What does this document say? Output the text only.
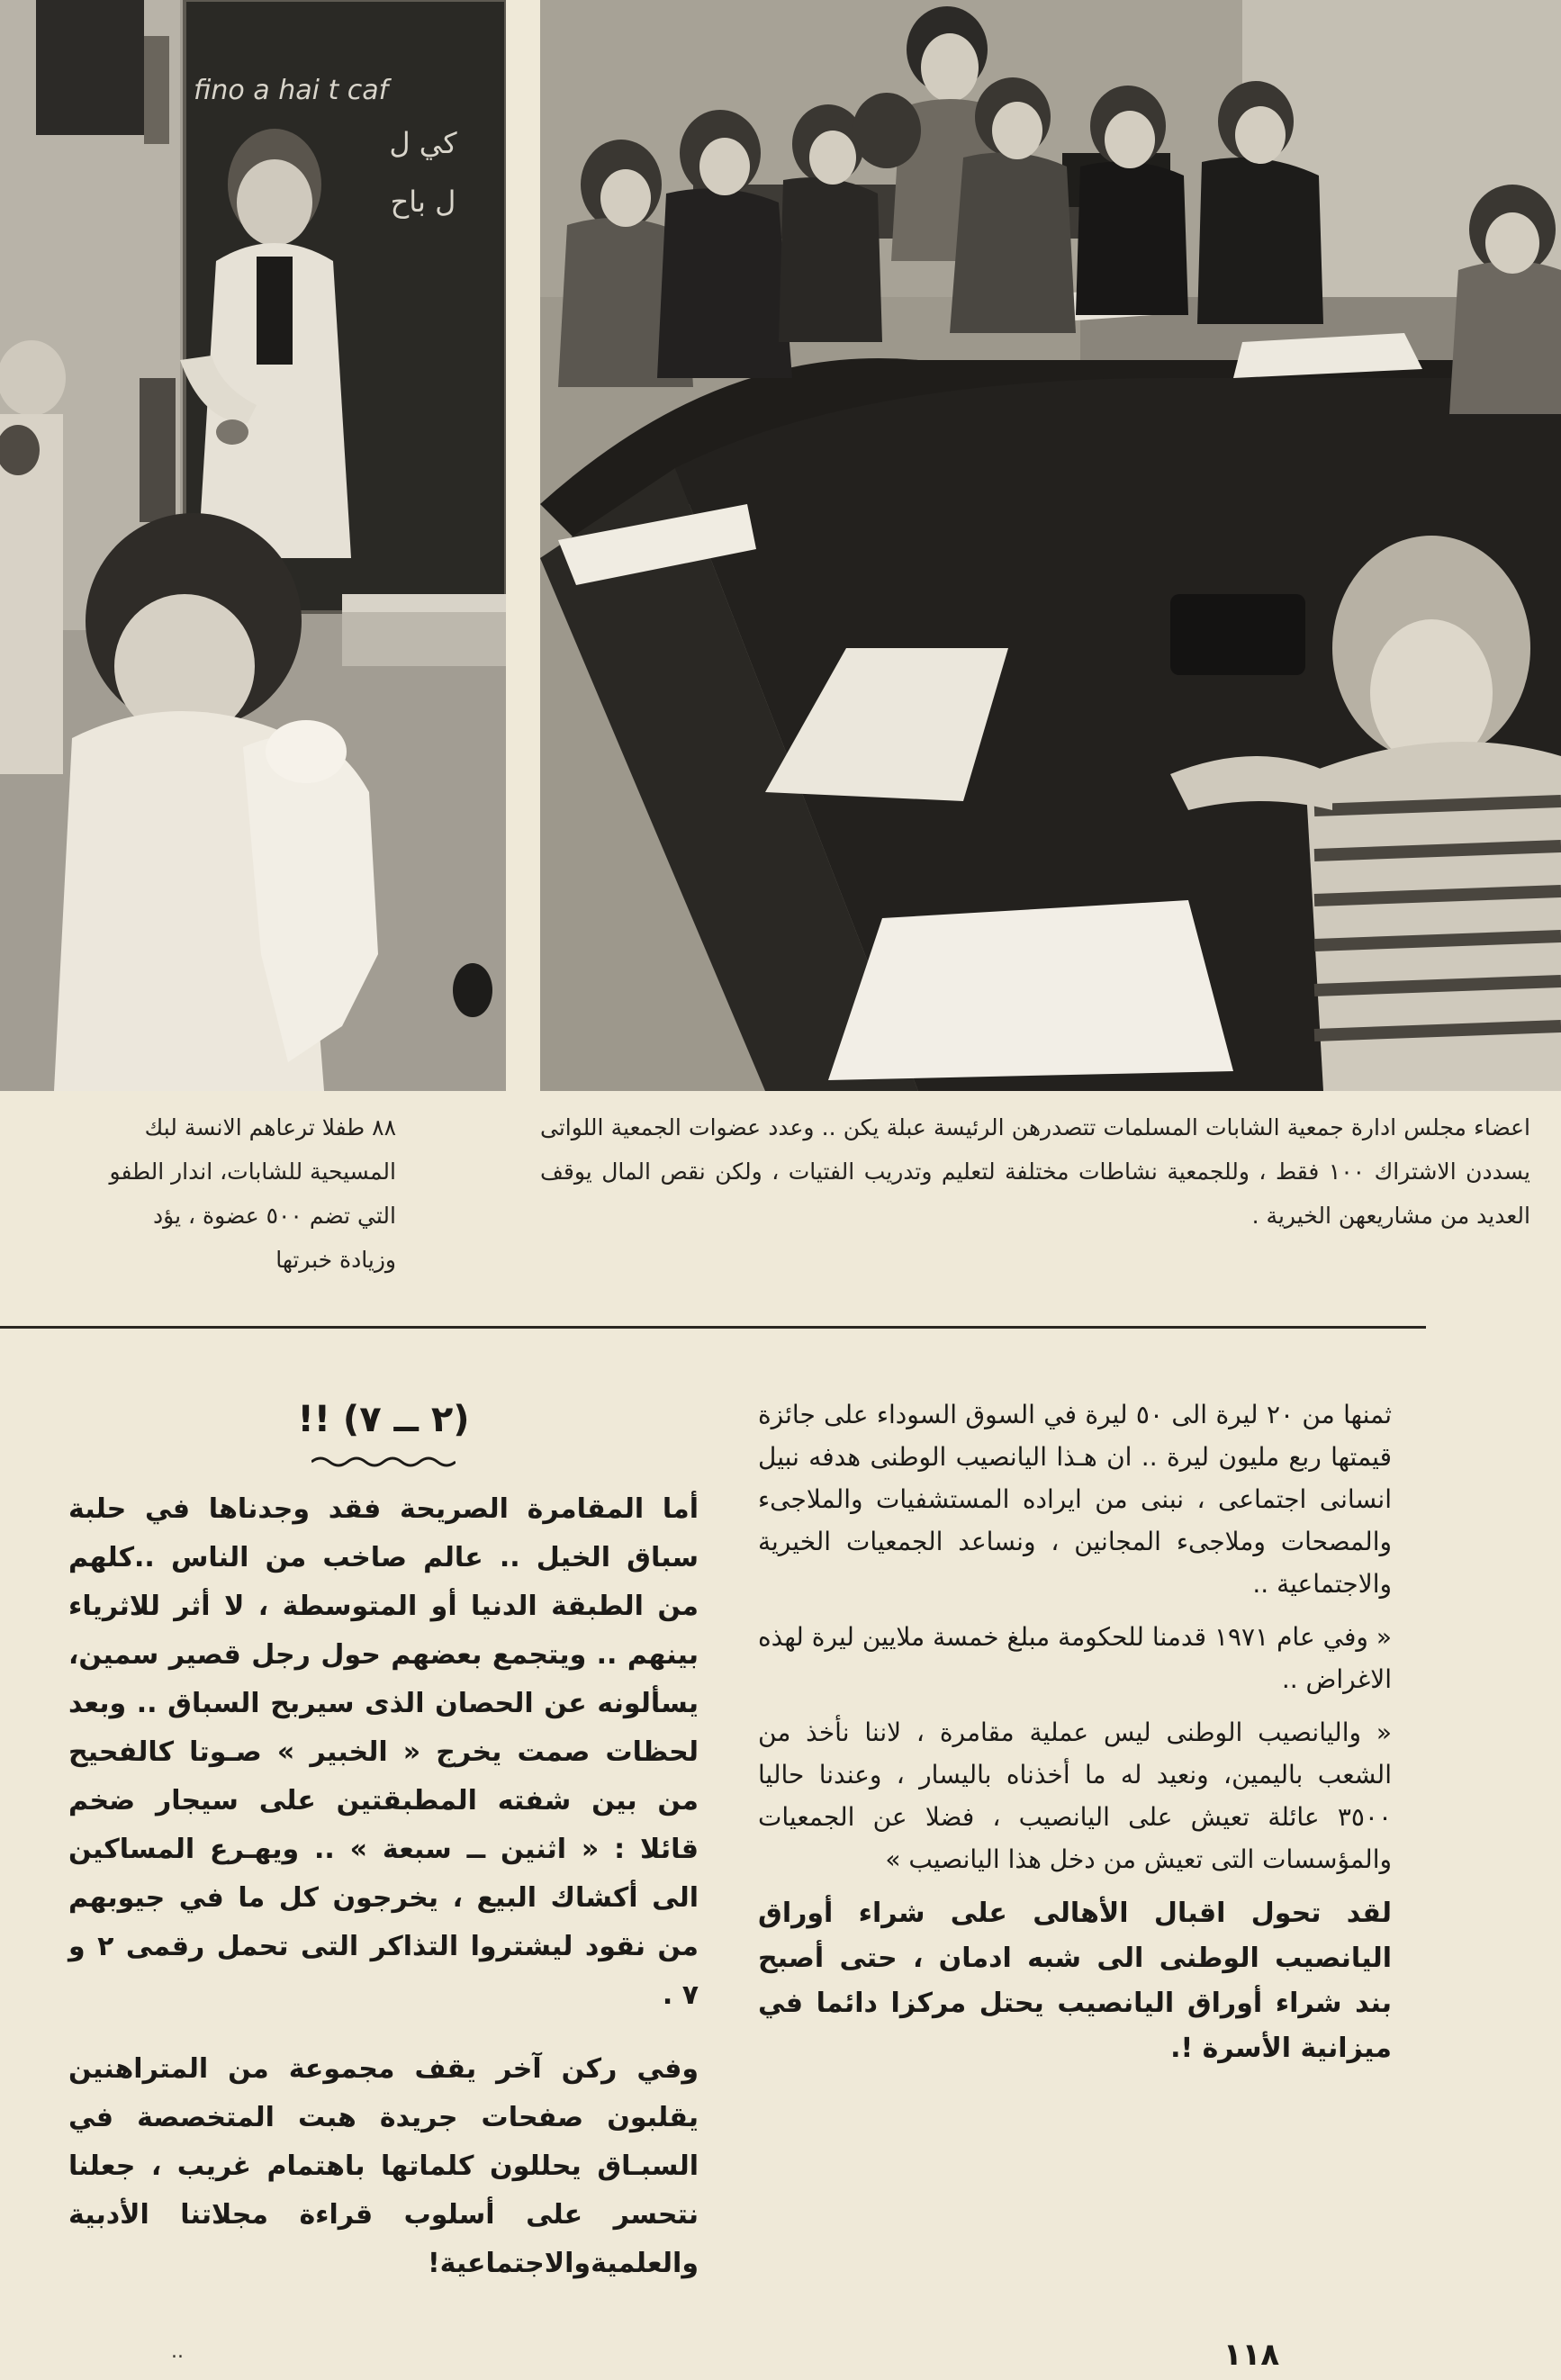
fino a hai t caf
كي ل
ل باح
اعضاء مجلس ادارة جمعية الشابات المسلمات تتصدرهن الرئيسة عبلة يكن .. وعدد عضوات الجمعية اللواتى يسددن الاشتراك ١٠٠ فقط ، وللجمعية نشاطات مختلفة لتعليم وتدريب الفتيات ، ولكن نقص المال يوقف العديد من مشاريعهن الخيرية .
٨٨ طفلا ترعاهم الانسة لبك
المسيحية للشابات، اندار الطفو
التي تضم ٥٠٠ عضوة ، يؤد
وزيادة خبرتها

ثمنها من ٢٠ ليرة الى ٥٠ ليرة في السوق السوداء على جائزة قيمتها ربع مليون ليرة .. ان هـذا اليانصيب الوطنى هدفه نبيل انسانى اجتماعى ، نبنى من ايراده المستشفيات والملاجىء والمصحات وملاجىء المجانين ، ونساعد الجمعيات الخيرية والاجتماعية ..

« وفي عام ١٩٧١ قدمنا للحكومة مبلغ خمسة ملايين ليرة لهذه الاغراض ..

« واليانصيب الوطنى ليس عملية مقامرة ، لاننا نأخذ من الشعب باليمين، ونعيد له ما أخذناه باليسار ، وعندنا حاليا ٣٥٠٠ عائلة تعيش على اليانصيب ، فضلا عن الجمعيات والمؤسسات التى تعيش من دخل هذا اليانصيب »

لقد تحول اقبال الأهالى على شراء أوراق اليانصيب الوطنى الى شبه ادمان ، حتى أصبح بند شراء أوراق اليانصيب يحتل مركزا دائما في ميزانية الأسرة !.

(٢ ــ ٧) !!

أما المقامرة الصريحة فقد وجدناها في حلبة سباق الخيل .. عالم صاخب من الناس ..كلهم من الطبقة الدنيا أو المتوسطة ، لا أثر للاثرياء بينهم .. ويتجمع بعضهم حول رجل قصير سمين، يسألونه عن الحصان الذى سيربح السباق .. وبعد لحظات صمت يخرج « الخبير » صـوتا كالفحيح من بين شفته المطبقتين على سيجار ضخم قائلا : « اثنين ــ سبعة » .. ويهـرع المساكين الى أكشاك البيع ، يخرجون كل ما في جيوبهم من نقود ليشتروا التذاكر التى تحمل رقمى ٢ و ٧ .

وفي ركن آخر يقف مجموعة من المتراهنين يقلبون صفحات جريدة هبت المتخصصة في السبـاق يحللون كلماتها باهتمام غريب ، جعلنا نتحسر على أسلوب قراءة مجلاتنا الأدبية والعلميةوالاجتماعية!

١١٨
..
